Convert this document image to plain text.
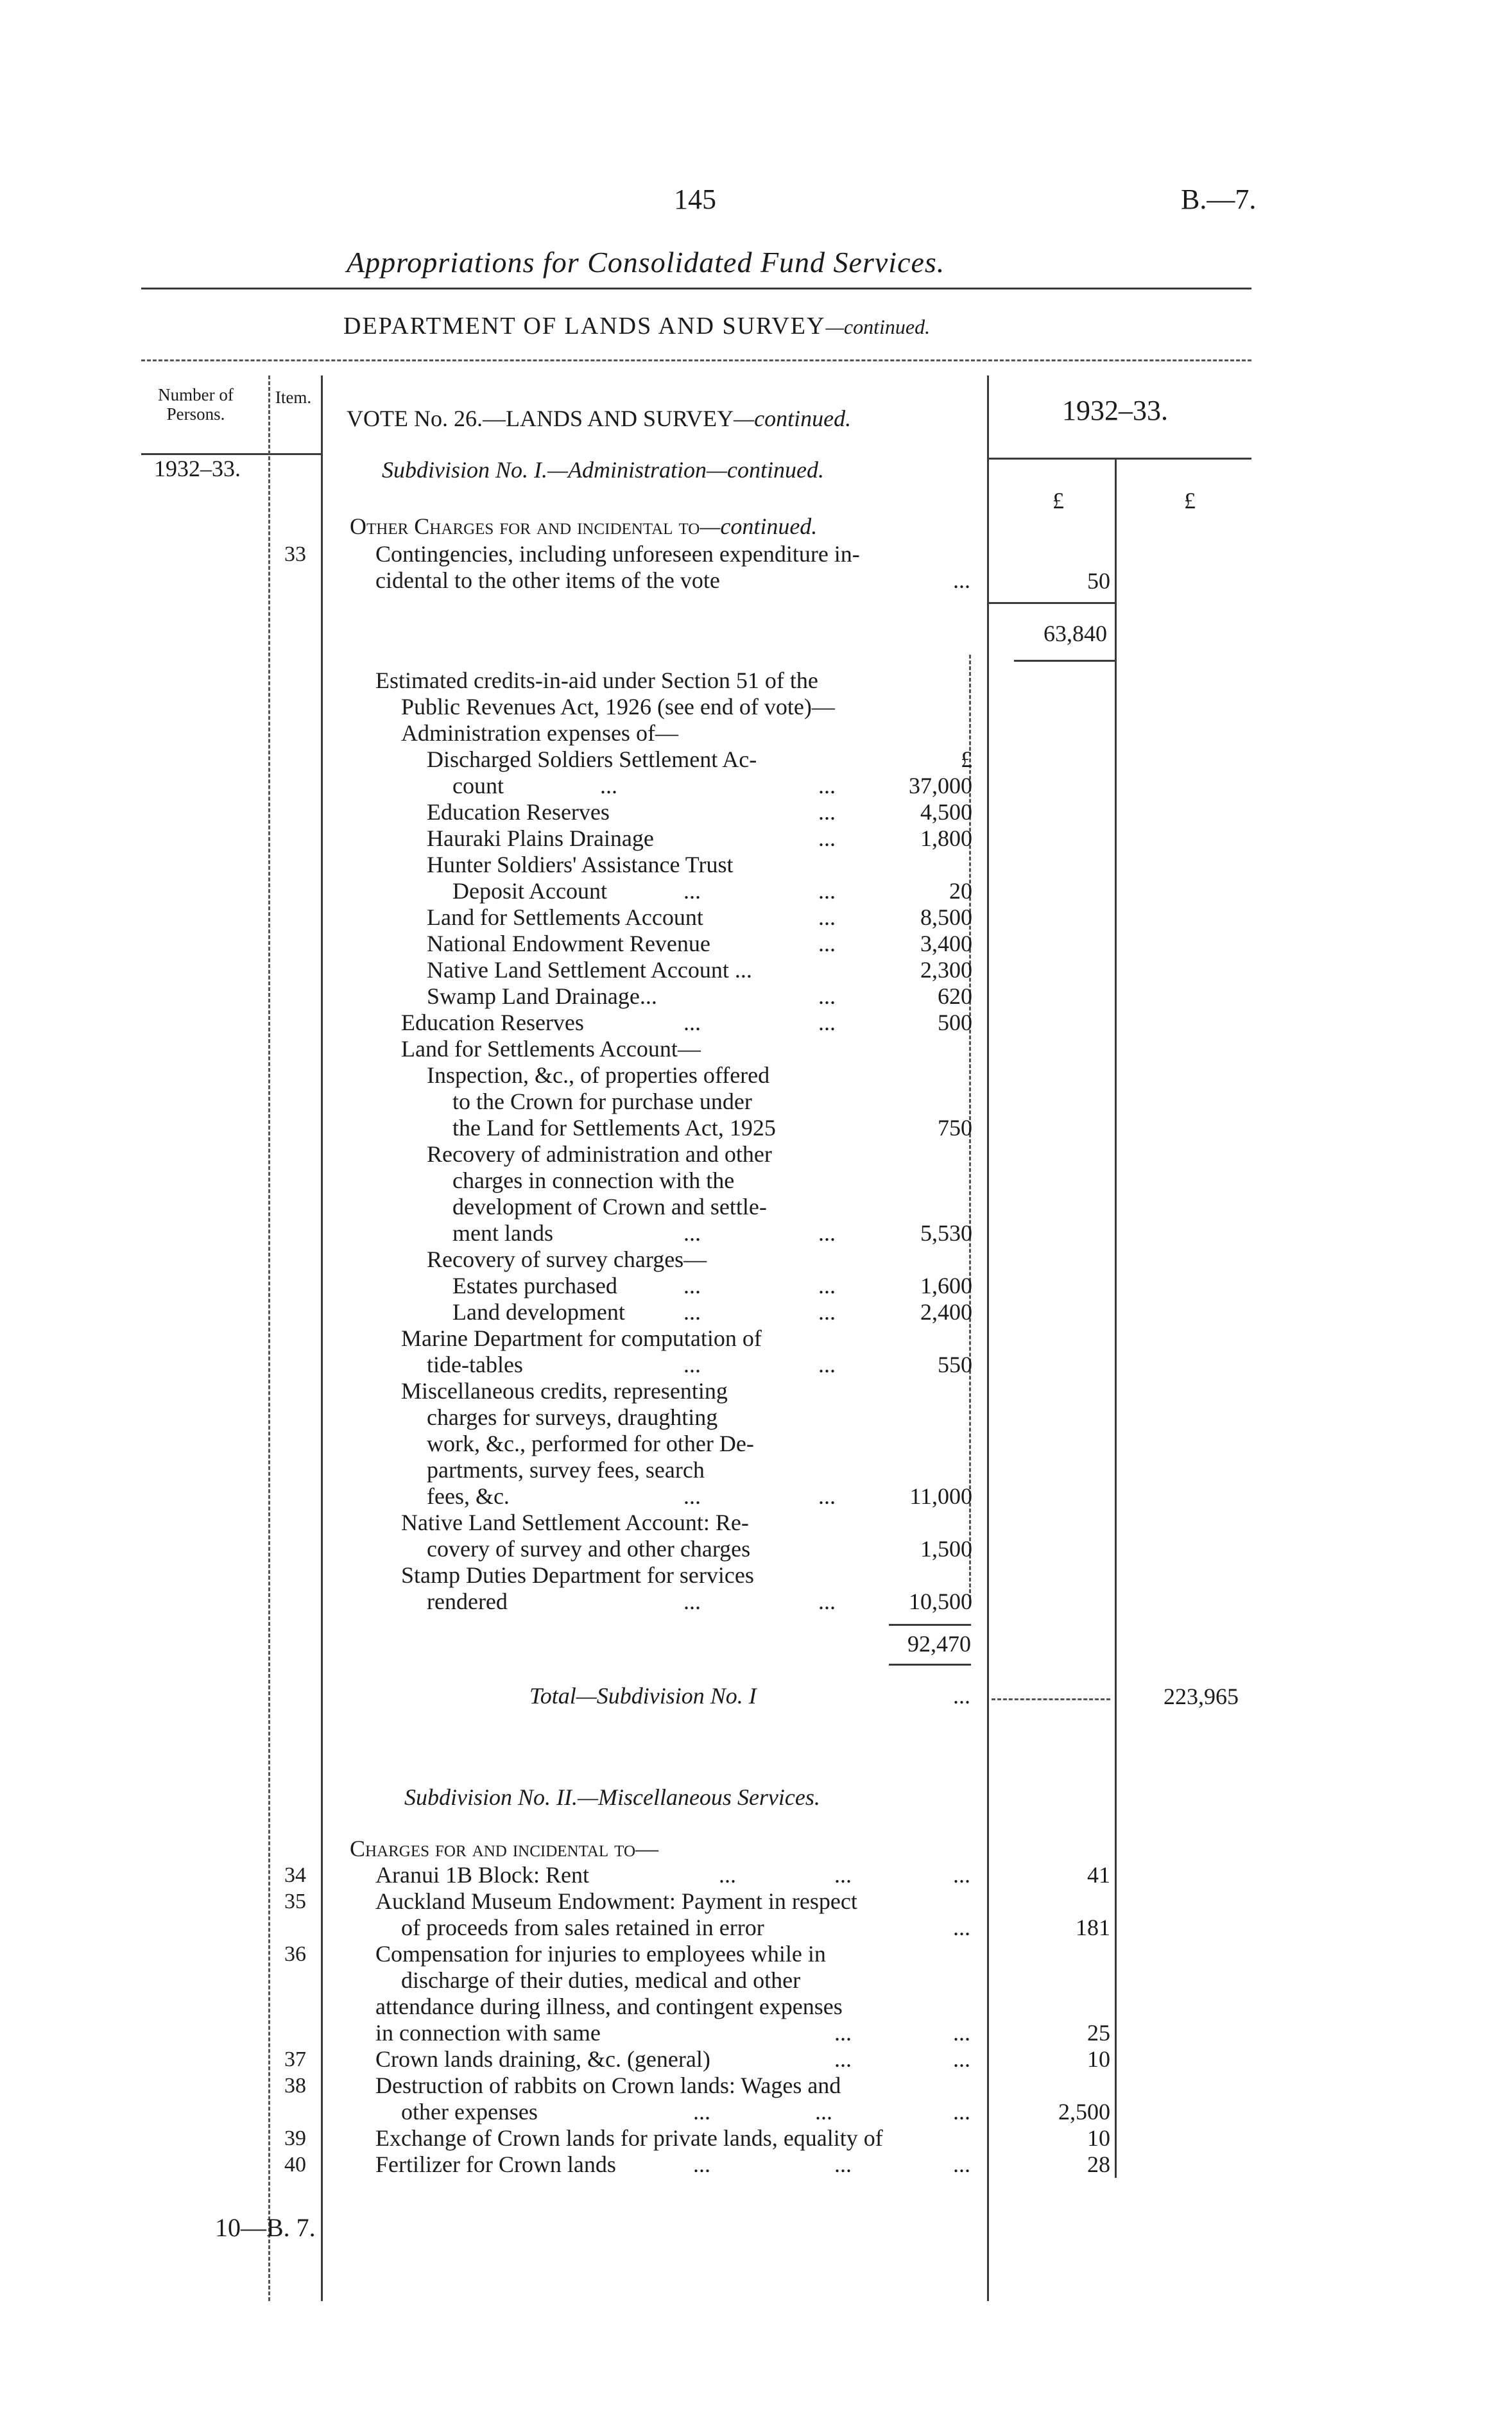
145	B.—7.
Appropriations for Consolidated Fund Services.
DEPARTMENT OF LANDS AND SURVEY—continued.
Number of Persons.
Item.
VOTE No. 26.—LANDS AND SURVEY—continued.	1932–33.
1932–33.	Subdivision No. I.—Administration—continued.
£	£
Other Charges for and incidental to—continued.
33	Contingencies, including unforeseen expenditure in-
cidental to the other items of the vote	...	50
63,840
Estimated credits-in-aid under Section 51 of the
Public Revenues Act, 1926 (see end of vote)—
Administration expenses of—
Discharged Soldiers Settlement Ac-	£
count	...	...	37,000
Education Reserves	...	4,500
Hauraki Plains Drainage	...	1,800
Hunter Soldiers' Assistance Trust
Deposit Account	...	...	20
Land for Settlements Account	...	8,500
National Endowment Revenue	...	3,400
Native Land Settlement Account ...	2,300
Swamp Land Drainage...	...	620
Education Reserves	...	...	500
Land for Settlements Account—
Inspection, &c., of properties offered
to the Crown for purchase under
the Land for Settlements Act, 1925	750
Recovery of administration and other
charges in connection with the
development of Crown and settle-
ment lands	...	...	5,530
Recovery of survey charges—
Estates purchased	...	...	1,600
Land development	...	...	2,400
Marine Department for computation of
tide-tables	...	...	550
Miscellaneous credits, representing
charges for surveys, draughting
work, &c., performed for other De-
partments, survey fees, search
fees, &c.	...	...	11,000
Native Land Settlement Account: Re-
covery of survey and other charges	1,500
Stamp Duties Department for services
rendered	...	...	10,500
92,470
Total—Subdivision No. I	...	223,965
Subdivision No. II.—Miscellaneous Services.
Charges for and incidental to—
34	Aranui 1B Block: Rent	...	...	...	41
35	Auckland Museum Endowment: Payment in respect
of proceeds from sales retained in error	...	181
36	Compensation for injuries to employees while in
discharge of their duties, medical and other
attendance during illness, and contingent expenses
in connection with same	...	...	25
37	Crown lands draining, &c. (general)	...	...	10
38	Destruction of rabbits on Crown lands: Wages and
other expenses	...	...	...	2,500
39	Exchange of Crown lands for private lands, equality of	10
40	Fertilizer for Crown lands	...	...	...	28
10—B. 7.
